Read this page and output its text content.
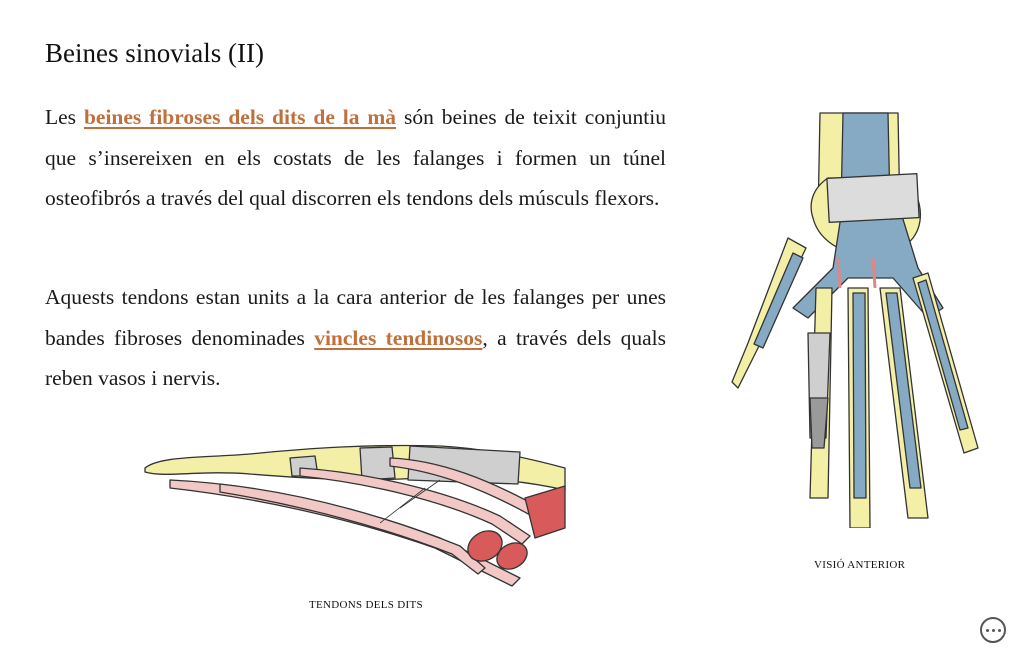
Beines sinovials (II)

Les beines fibroses dels dits de la mà són beines de teixit conjuntiu que s’insereixen en els costats de les falanges i formen un túnel osteofibrós a través del qual discorren els tendons dels músculs flexors.

Aquests tendons estan units a la cara anterior de les falanges per unes bandes fibroses denominades vincles tendinosos, a través dels quals reben vasos i nervis.

TENDONS DELS DITS
VISIÓ ANTERIOR
